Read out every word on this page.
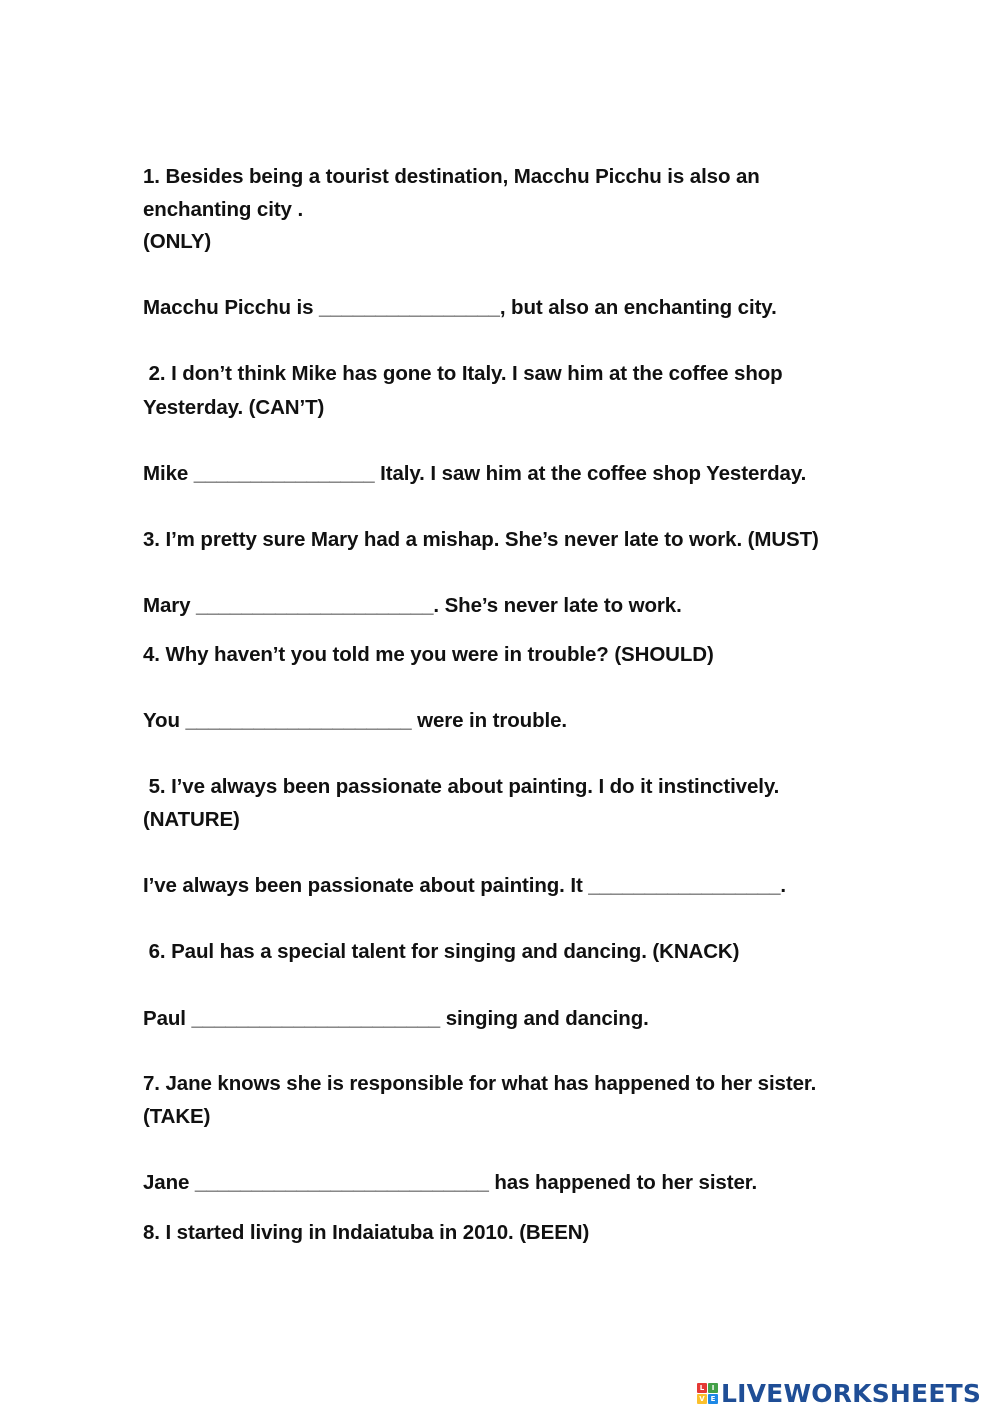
1. Besides being a tourist destination, Macchu Picchu is also an
enchanting city .
(ONLY)
Macchu Picchu is ________________, but also an enchanting city.
2. I don’t think Mike has gone to Italy. I saw him at the coffee shop
Yesterday. (CAN’T)
Mike ________________ Italy. I saw him at the coffee shop Yesterday.
3. I’m pretty sure Mary had a mishap. She’s never late to work. (MUST)
Mary _____________________. She’s never late to work.
4. Why haven’t you told me you were in trouble? (SHOULD)
You ____________________ were in trouble.
5. I’ve always been passionate about painting. I do it instinctively.
(NATURE)
I’ve always been passionate about painting. It _________________.
6. Paul has a special talent for singing and dancing. (KNACK)
Paul ______________________ singing and dancing.
7. Jane knows she is responsible for what has happened to her sister.
(TAKE)
Jane __________________________ has happened to her sister.
8. I started living in Indaiatuba in 2010. (BEEN)
L	I
V E LIVEWORKSHEETS
